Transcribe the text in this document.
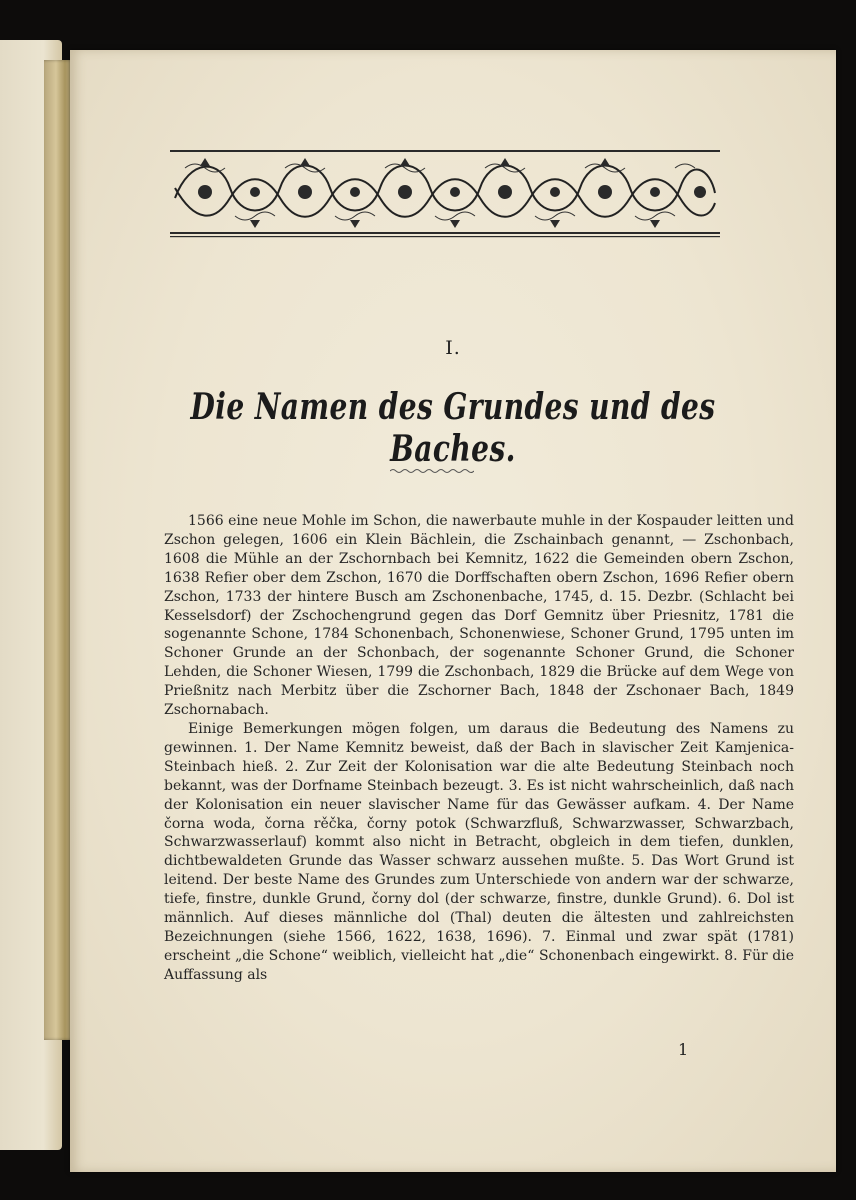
I.
Die Namen des Grundes und des Baches.

1566 eine neue Mohle im Schon, die nawerbaute muhle in der Kospauder leitten und Zschon gelegen, 1606 ein Klein Bächlein, die Zschainbach genannt, — Zschonbach, 1608 die Mühle an der Zschornbach bei Kemnitz, 1622 die Gemeinden obern Zschon, 1638 Refier ober dem Zschon, 1670 die Dorffschaften obern Zschon, 1696 Refier obern Zschon, 1733 der hintere Busch am Zschonenbache, 1745, d. 15. Dezbr. (Schlacht bei Kesselsdorf) der Zschochengrund gegen das Dorf Gemnitz über Priesnitz, 1781 die sogenannte Schone, 1784 Schonenbach, Schonenwiese, Schoner Grund, 1795 unten im Schoner Grunde an der Schonbach, der sogenannte Schoner Grund, die Schoner Lehden, die Schoner Wiesen, 1799 die Zschonbach, 1829 die Brücke auf dem Wege von Prießnitz nach Merbitz über die Zschorner Bach, 1848 der Zschonaer Bach, 1849 Zschornabach.

Einige Bemerkungen mögen folgen, um daraus die Bedeutung des Namens zu gewinnen. 1. Der Name Kemnitz beweist, daß der Bach in slavischer Zeit Kamjenica-Steinbach hieß. 2. Zur Zeit der Kolonisation war die alte Bedeutung Steinbach noch bekannt, was der Dorfname Steinbach bezeugt. 3. Es ist nicht wahrscheinlich, daß nach der Kolonisation ein neuer slavischer Name für das Gewässer aufkam. 4. Der Name čorna woda, čorna rěčka, čorny potok (Schwarzfluß, Schwarzwasser, Schwarzbach, Schwarzwasserlauf) kommt also nicht in Betracht, obgleich in dem tiefen, dunklen, dichtbewaldeten Grunde das Wasser schwarz aussehen mußte. 5. Das Wort Grund ist leitend. Der beste Name des Grundes zum Unterschiede von andern war der schwarze, tiefe, finstre, dunkle Grund, čorny dol (der schwarze, finstre, dunkle Grund). 6. Dol ist männlich. Auf dieses männliche dol (Thal) deuten die ältesten und zahlreichsten Bezeichnungen (siehe 1566, 1622, 1638, 1696). 7. Einmal und zwar spät (1781) erscheint „die Schone“ weiblich, vielleicht hat „die“ Schonenbach eingewirkt. 8. Für die Auffassung als

1
